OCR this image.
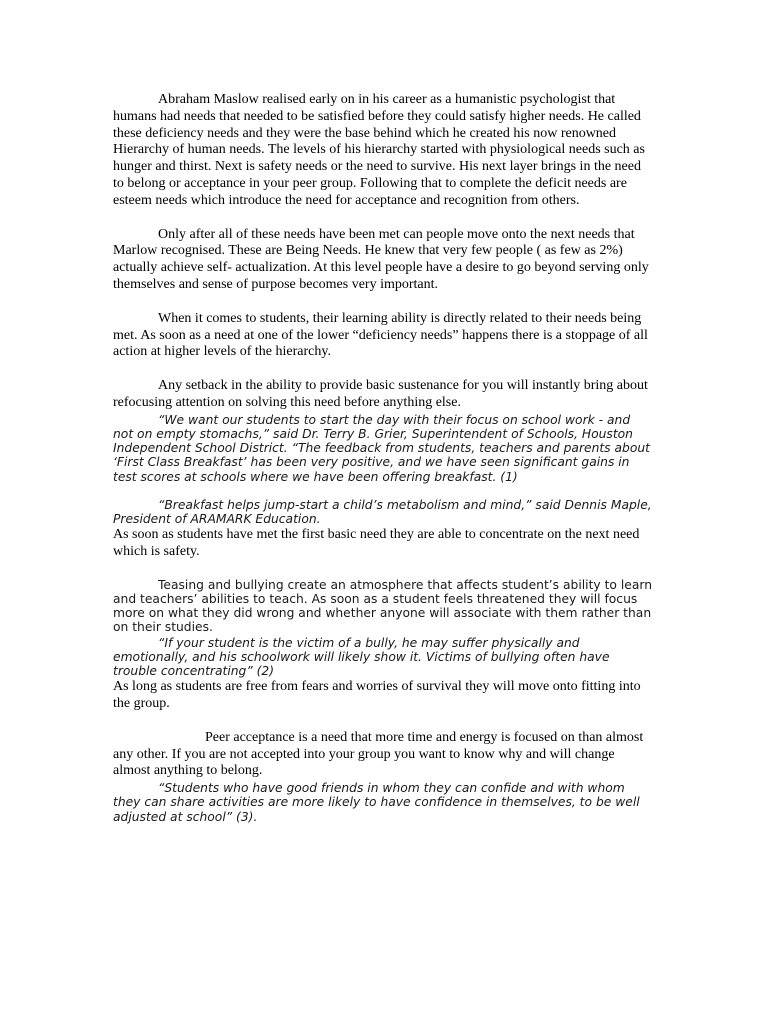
Abraham Maslow realised early on in his career as a humanistic psychologist that humans had needs that needed to be satisfied before they could satisfy higher needs. He called these deficiency needs and they were the base behind which he created his now renowned Hierarchy of human needs. The levels of his hierarchy started with physiological needs such as hunger and thirst. Next is safety needs or the need to survive. His next layer brings in the need to belong or acceptance in your peer group. Following that to complete the deficit needs are esteem needs which introduce the need for acceptance and recognition from others.

Only after all of these needs have been met can people move onto the next needs that Marlow recognised. These are Being Needs. He knew that very few people ( as few as 2%) actually achieve self- actualization. At this level people have a desire to go beyond serving only themselves and sense of purpose becomes very important.

When it comes to students, their learning ability is directly related to their needs being met. As soon as a need at one of the lower “deficiency needs” happens there is a stoppage of all action at higher levels of the hierarchy.

Any setback in the ability to provide basic sustenance for you will instantly bring about refocusing attention on solving this need before anything else.

“We want our students to start the day with their focus on school work - and not on empty stomachs,” said Dr. Terry B. Grier, Superintendent of Schools, Houston Independent School District. “The feedback from students, teachers and parents about ‘First Class Breakfast’ has been very positive, and we have seen significant gains in test scores at schools where we have been offering breakfast. (1)

“Breakfast helps jump-start a child’s metabolism and mind,” said Dennis Maple, President of ARAMARK Education.

As soon as students have met the first basic need they are able to concentrate on the next need which is safety.

Teasing and bullying create an atmosphere that affects student’s ability to learn and teachers’ abilities to teach. As soon as a student feels threatened they will focus more on what they did wrong and whether anyone will associate with them rather than on their studies.

“If your student is the victim of a bully, he may suffer physically and emotionally, and his schoolwork will likely show it. Victims of bullying often have trouble concentrating” (2)

As long as students are free from fears and worries of survival they will move onto fitting into the group.

Peer acceptance is a need that more time and energy is focused on than almost any other. If you are not accepted into your group you want to know why and will change almost anything to belong.

“Students who have good friends in whom they can confide and with whom they can share activities are more likely to have confidence in themselves, to be well adjusted at school” (3).
